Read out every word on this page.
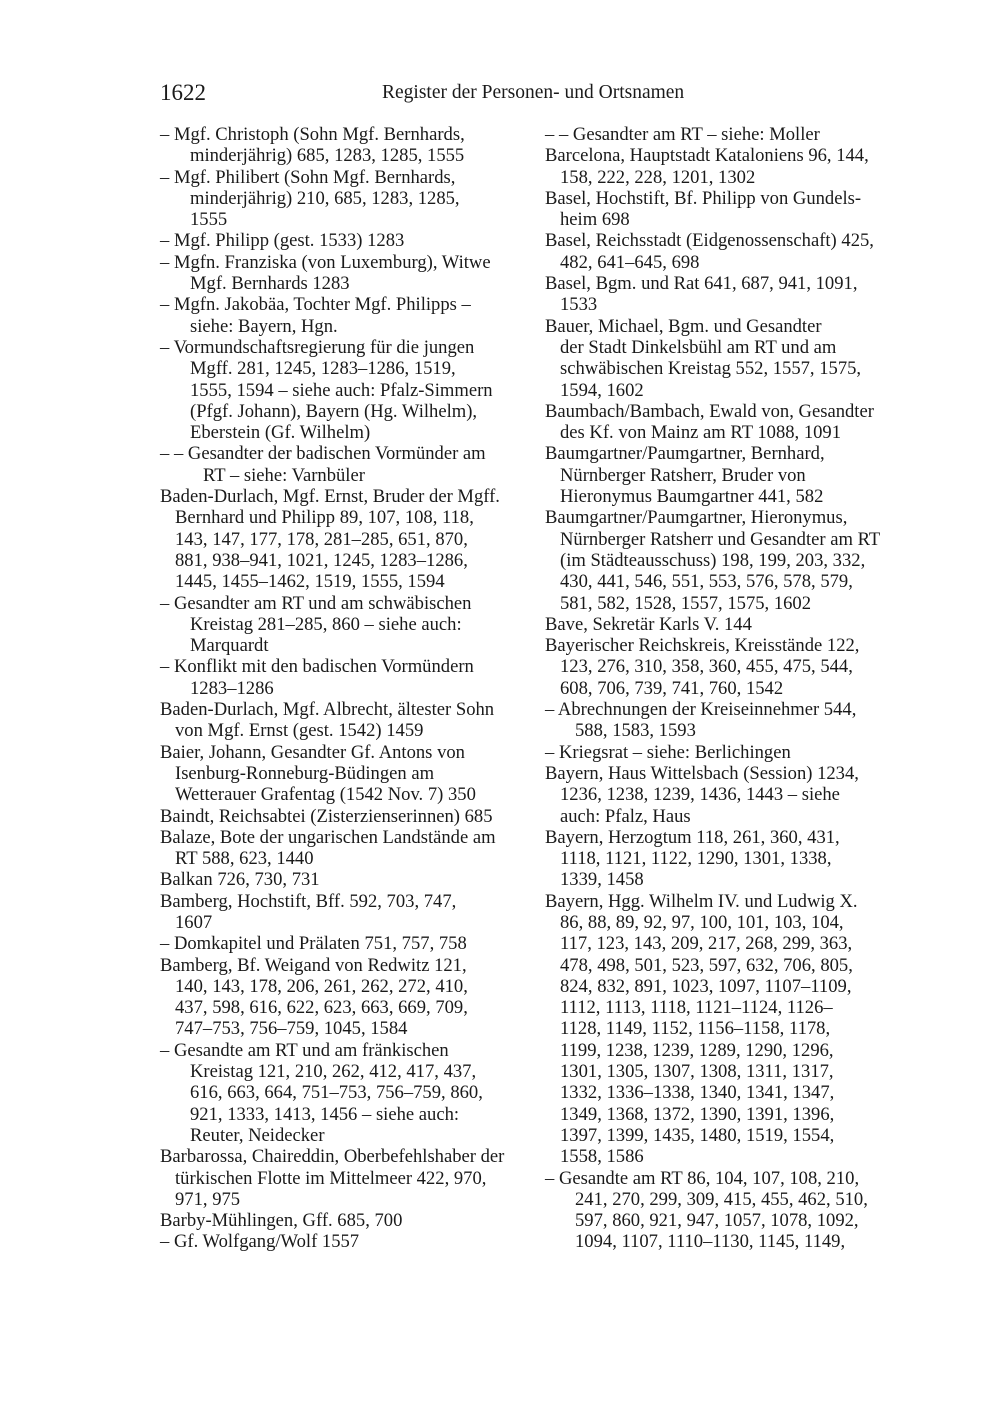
1622	Register der Personen- und Ortsnamen
– Mgf. Christoph (Sohn Mgf. Bernhards,
minderjährig) 685, 1283, 1285, 1555
– Mgf. Philibert (Sohn Mgf. Bernhards,
minderjährig) 210, 685, 1283, 1285,
1555
– Mgf. Philipp (gest. 1533) 1283
– Mgfn. Franziska (von Luxemburg), Witwe
Mgf. Bernhards 1283
– Mgfn. Jakobäa, Tochter Mgf. Philipps –
siehe: Bayern, Hgn.
– Vormundschaftsregierung für die jungen
Mgff. 281, 1245, 1283–1286, 1519,
1555, 1594 – siehe auch: Pfalz-Simmern
(Pfgf. Johann), Bayern (Hg. Wilhelm),
Eberstein (Gf. Wilhelm)
– – Gesandter der badischen Vormünder am
RT – siehe: Varnbüler
Baden-Durlach, Mgf. Ernst, Bruder der Mgff.
Bernhard und Philipp 89, 107, 108, 118,
143, 147, 177, 178, 281–285, 651, 870,
881, 938–941, 1021, 1245, 1283–1286,
1445, 1455–1462, 1519, 1555, 1594
– Gesandter am RT und am schwäbischen
Kreistag 281–285, 860 – siehe auch:
Marquardt
– Konflikt mit den badischen Vormündern
1283–1286
Baden-Durlach, Mgf. Albrecht, ältester Sohn
von Mgf. Ernst (gest. 1542) 1459
Baier, Johann, Gesandter Gf. Antons von
Isenburg-Ronneburg-Büdingen am
Wetterauer Grafentag (1542 Nov. 7) 350
Baindt, Reichsabtei (Zisterzienserinnen) 685
Balaze, Bote der ungarischen Landstände am
RT 588, 623, 1440
Balkan 726, 730, 731
Bamberg, Hochstift, Bff. 592, 703, 747,
1607
– Domkapitel und Prälaten 751, 757, 758
Bamberg, Bf. Weigand von Redwitz 121,
140, 143, 178, 206, 261, 262, 272, 410,
437, 598, 616, 622, 623, 663, 669, 709,
747–753, 756–759, 1045, 1584
– Gesandte am RT und am fränkischen
Kreistag 121, 210, 262, 412, 417, 437,
616, 663, 664, 751–753, 756–759, 860,
921, 1333, 1413, 1456 – siehe auch:
Reuter, Neidecker
Barbarossa, Chaireddin, Oberbefehlshaber der
türkischen Flotte im Mittelmeer 422, 970,
971, 975
Barby-Mühlingen, Gff. 685, 700
– Gf. Wolfgang/Wolf 1557
– – Gesandter am RT – siehe: Moller
Barcelona, Hauptstadt Kataloniens 96, 144,
158, 222, 228, 1201, 1302
Basel, Hochstift, Bf. Philipp von Gundels-
heim 698
Basel, Reichsstadt (Eidgenossenschaft) 425,
482, 641–645, 698
Basel, Bgm. und Rat 641, 687, 941, 1091,
1533
Bauer, Michael, Bgm. und Gesandter
der Stadt Dinkelsbühl am RT und am
schwäbischen Kreistag 552, 1557, 1575,
1594, 1602
Baumbach/Bambach, Ewald von, Gesandter
des Kf. von Mainz am RT 1088, 1091
Baumgartner/Paumgartner, Bernhard,
Nürnberger Ratsherr, Bruder von
Hieronymus Baumgartner 441, 582
Baumgartner/Paumgartner, Hieronymus,
Nürnberger Ratsherr und Gesandter am RT
(im Städteausschuss) 198, 199, 203, 332,
430, 441, 546, 551, 553, 576, 578, 579,
581, 582, 1528, 1557, 1575, 1602
Bave, Sekretär Karls V. 144
Bayerischer Reichskreis, Kreisstände 122,
123, 276, 310, 358, 360, 455, 475, 544,
608, 706, 739, 741, 760, 1542
– Abrechnungen der Kreiseinnehmer 544,
588, 1583, 1593
– Kriegsrat – siehe: Berlichingen
Bayern, Haus Wittelsbach (Session) 1234,
1236, 1238, 1239, 1436, 1443 – siehe
auch: Pfalz, Haus
Bayern, Herzogtum 118, 261, 360, 431,
1118, 1121, 1122, 1290, 1301, 1338,
1339, 1458
Bayern, Hgg. Wilhelm IV. und Ludwig X.
86, 88, 89, 92, 97, 100, 101, 103, 104,
117, 123, 143, 209, 217, 268, 299, 363,
478, 498, 501, 523, 597, 632, 706, 805,
824, 832, 891, 1023, 1097, 1107–1109,
1112, 1113, 1118, 1121–1124, 1126–
1128, 1149, 1152, 1156–1158, 1178,
1199, 1238, 1239, 1289, 1290, 1296,
1301, 1305, 1307, 1308, 1311, 1317,
1332, 1336–1338, 1340, 1341, 1347,
1349, 1368, 1372, 1390, 1391, 1396,
1397, 1399, 1435, 1480, 1519, 1554,
1558, 1586
– Gesandte am RT 86, 104, 107, 108, 210,
241, 270, 299, 309, 415, 455, 462, 510,
597, 860, 921, 947, 1057, 1078, 1092,
1094, 1107, 1110–1130, 1145, 1149,
